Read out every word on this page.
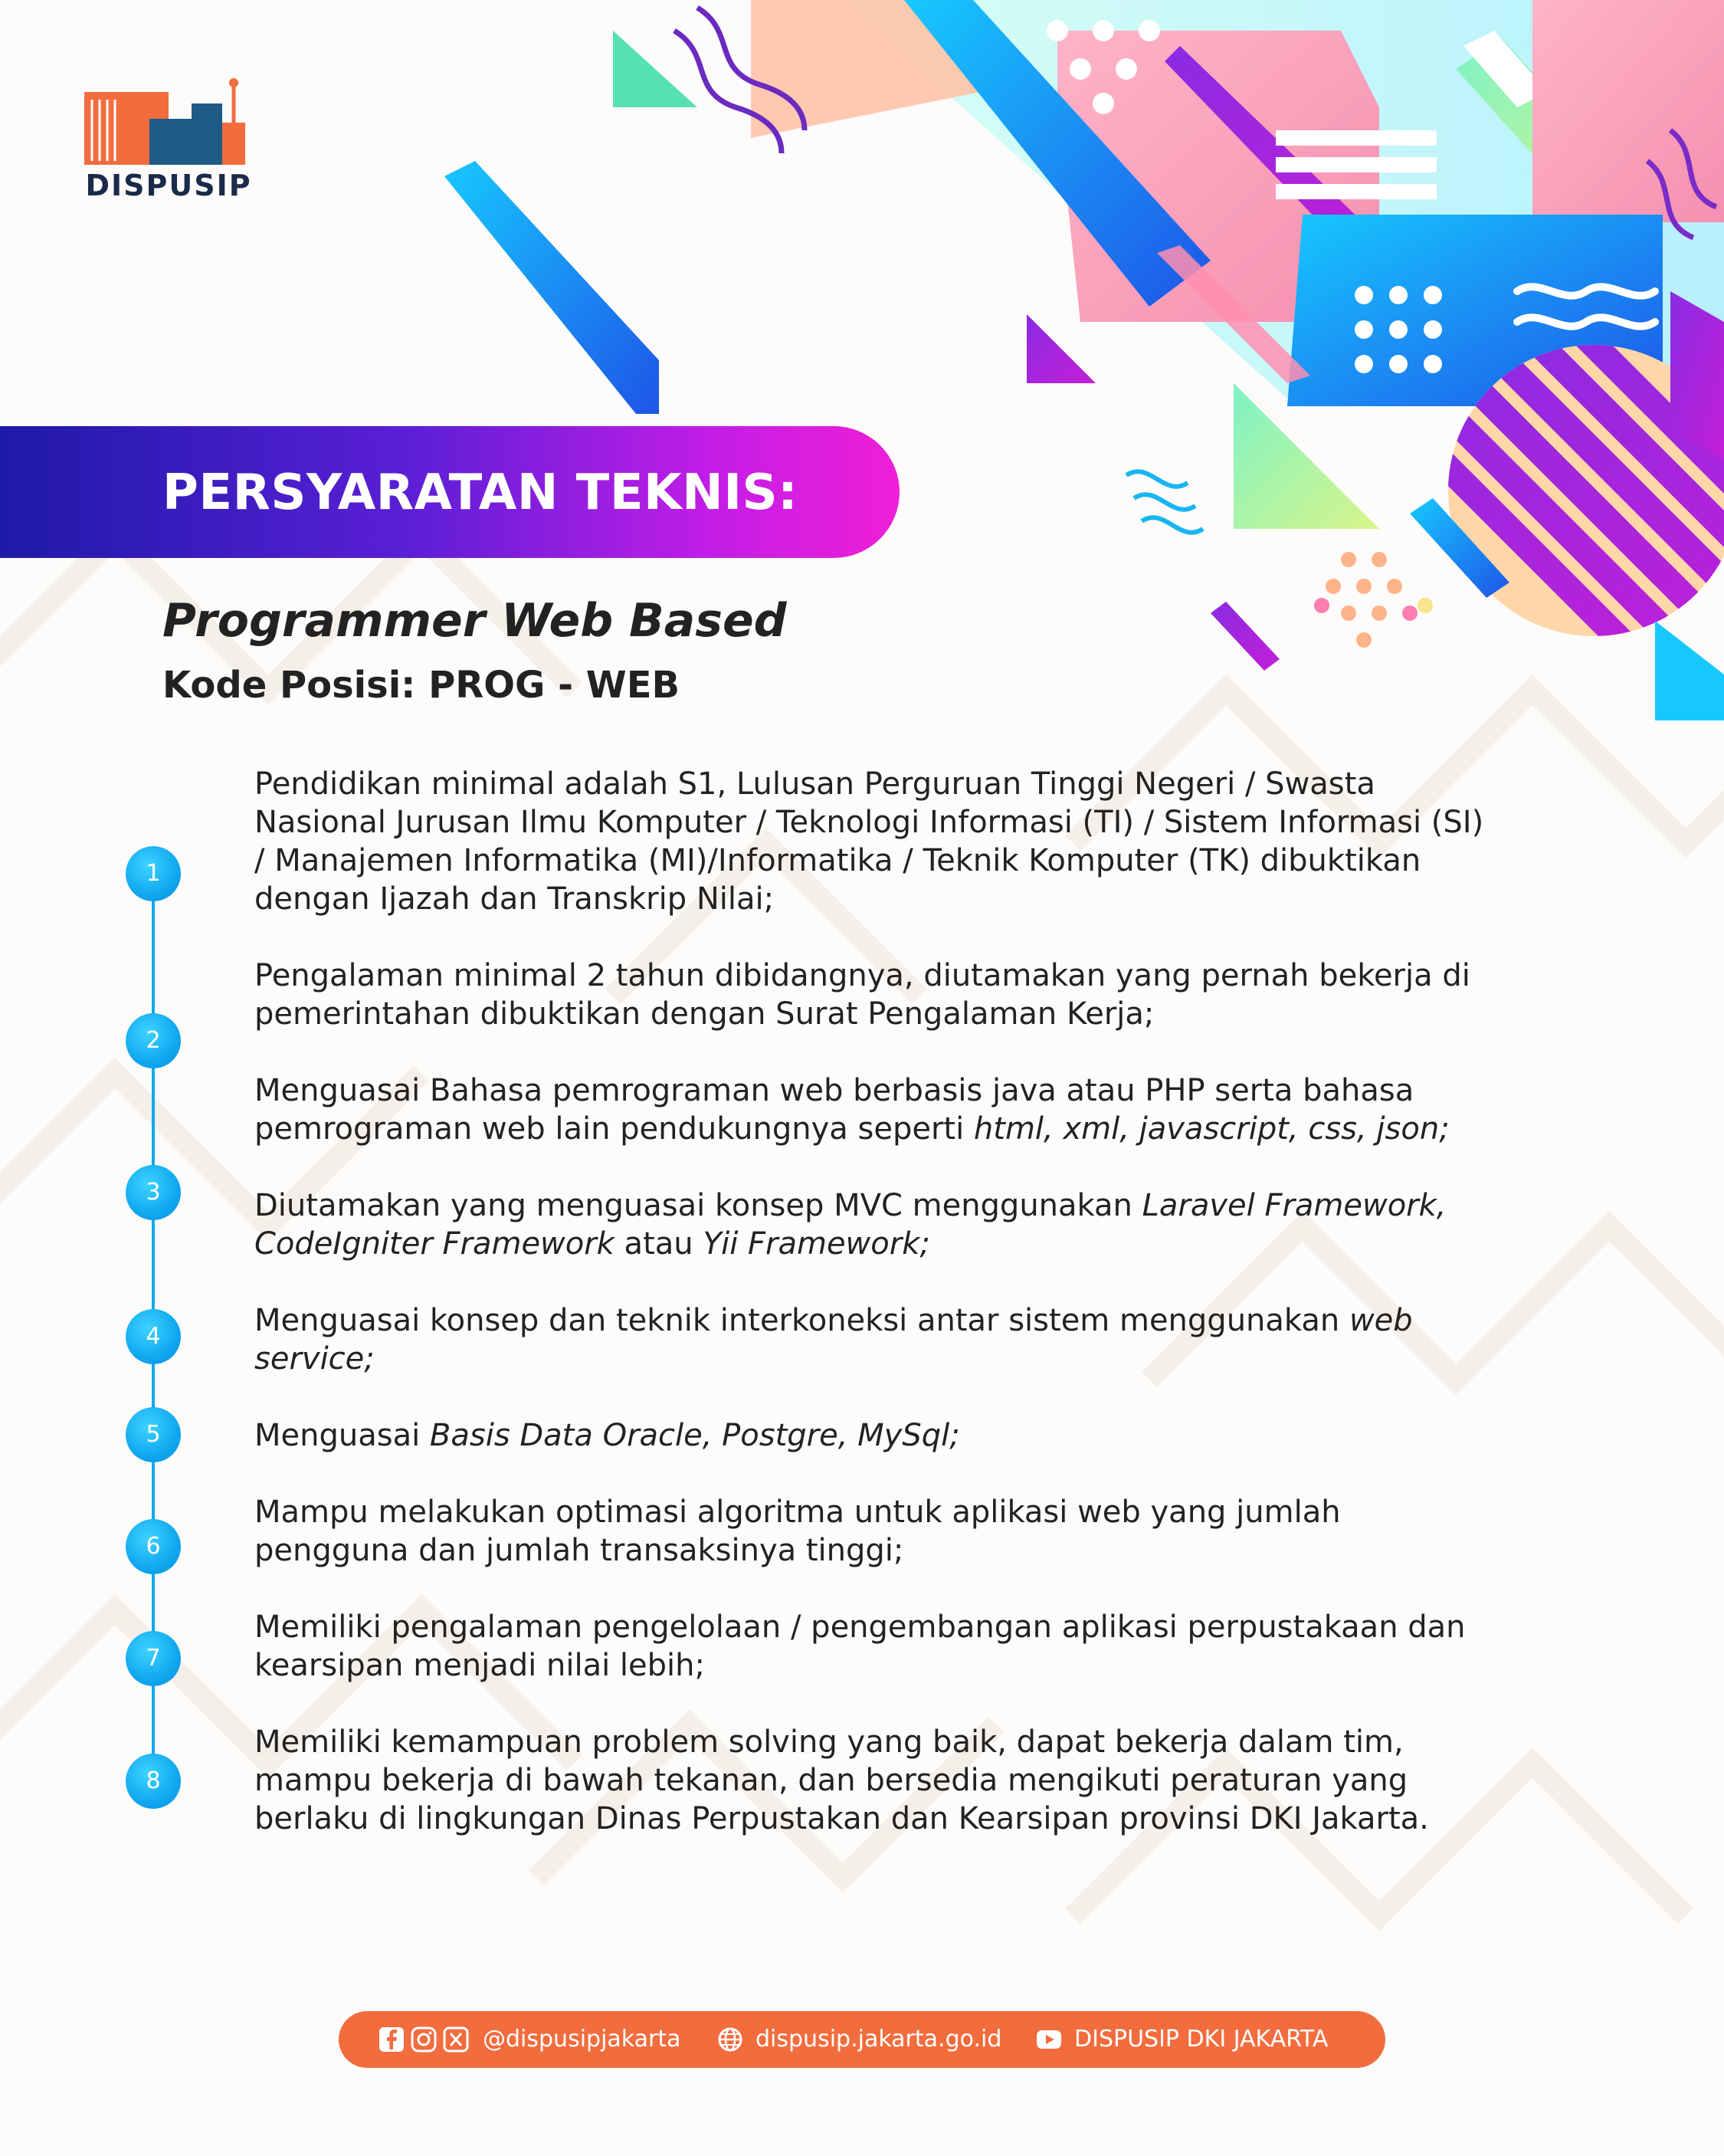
DISPUSIP
PERSYARATAN TEKNIS:
Programmer Web Based
Kode Posisi: PROG - WEB
1
2
3
4
5
6
7
8
Pendidikan minimal adalah S1, Lulusan Perguruan Tinggi Negeri / Swasta
Nasional Jurusan Ilmu Komputer / Teknologi Informasi (TI) / Sistem Informasi (SI)
/ Manajemen Informatika (MI)/Informatika / Teknik Komputer (TK) dibuktikan
dengan Ijazah dan Transkrip Nilai;
Pengalaman minimal 2 tahun dibidangnya, diutamakan yang pernah bekerja di
pemerintahan dibuktikan dengan Surat Pengalaman Kerja;
Menguasai Bahasa pemrograman web berbasis java atau PHP serta bahasa
pemrograman web lain pendukungnya seperti html, xml, javascript, css, json;
Diutamakan yang menguasai konsep MVC menggunakan Laravel Framework,
CodeIgniter Framework atau Yii Framework;
Menguasai konsep dan teknik interkoneksi antar sistem menggunakan web
service;
Menguasai Basis Data Oracle, Postgre, MySql;
Mampu melakukan optimasi algoritma untuk aplikasi web yang jumlah
pengguna dan jumlah transaksinya tinggi;
Memiliki pengalaman pengelolaan / pengembangan aplikasi perpustakaan dan
kearsipan menjadi nilai lebih;
Memiliki kemampuan problem solving yang baik, dapat bekerja dalam tim,
mampu bekerja di bawah tekanan, dan bersedia mengikuti peraturan yang
berlaku di lingkungan Dinas Perpustakan dan Kearsipan provinsi DKI Jakarta.
@dispusipjakarta	dispusip.jakarta.go.id	DISPUSIP DKI JAKARTA
